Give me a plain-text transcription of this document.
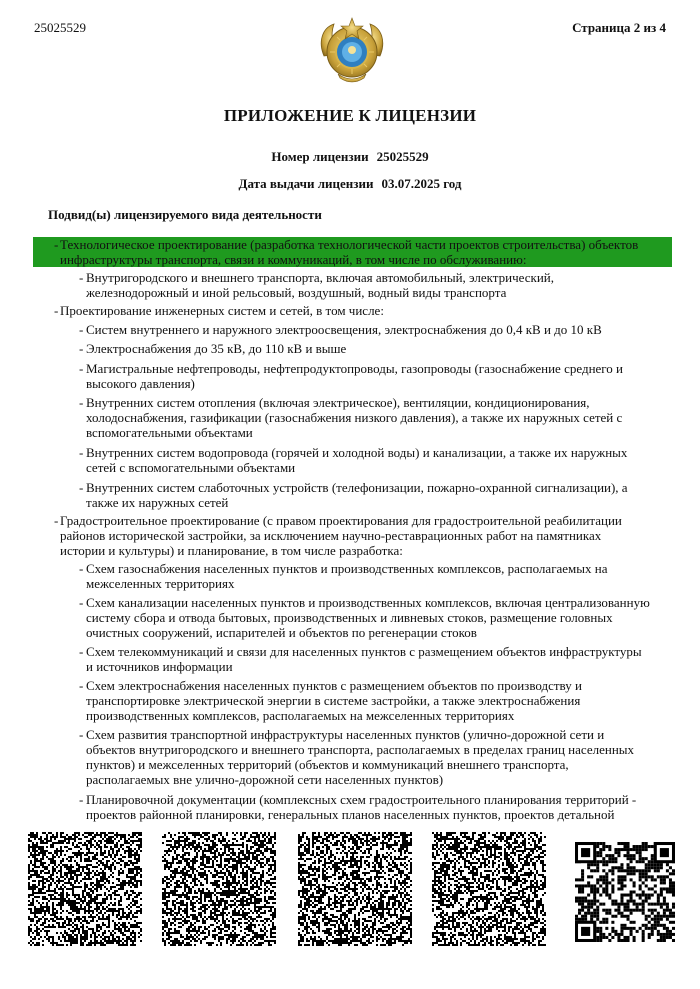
25025529	Страница 2 из 4
ПРИЛОЖЕНИЕ К ЛИЦЕНЗИИ
Номер лицензии 25025529
Дата выдачи лицензии 03.07.2025 год
Подвид(ы) лицензируемого вида деятельности
- Технологическое проектирование (разработка технологической части проектов строительства) объектов инфраструктуры транспорта, связи и коммуникаций, в том числе по обслуживанию:
- Внутригородского и внешнего транспорта, включая автомобильный, электрический, железнодорожный и иной рельсовый, воздушный, водный виды транспорта
- Проектирование инженерных систем и сетей, в том числе:
- Систем внутреннего и наружного электроосвещения, электроснабжения до 0,4 кВ и до 10 кВ
- Электроснабжения до 35 кВ, до 110 кВ и выше
- Магистральные нефтепроводы, нефтепродуктопроводы, газопроводы (газоснабжение среднего и высокого давления)
- Внутренних систем отопления (включая электрическое), вентиляции, кондиционирования, холодоснабжения, газификации (газоснабжения низкого давления), а также их наружных сетей с вспомогательными объектами
- Внутренних систем водопровода (горячей и холодной воды) и канализации, а также их наружных сетей с вспомогательными объектами
- Внутренних систем слаботочных устройств (телефонизации, пожарно-охранной сигнализации), а также их наружных сетей
- Градостроительное проектирование (с правом проектирования для градостроительной реабилитации районов исторической застройки, за исключением научно-реставрационных работ на памятниках истории и культуры) и планирование, в том числе разработка:
- Схем газоснабжения населенных пунктов и производственных комплексов, располагаемых на межселенных территориях
- Схем канализации населенных пунктов и производственных комплексов, включая централизованную систему сбора и отвода бытовых, производственных и ливневых стоков, размещение головных очистных сооружений, испарителей и объектов по регенерации стоков
- Схем телекоммуникаций и связи для населенных пунктов с размещением объектов инфраструктуры и источников информации
- Схем электроснабжения населенных пунктов с размещением объектов по производству и транспортировке электрической энергии в системе застройки, а также электроснабжения производственных комплексов, располагаемых на межселенных территориях
- Схем развития транспортной инфраструктуры населенных пунктов (улично-дорожной сети и объектов внутригородского и внешнего транспорта, располагаемых в пределах границ населенных пунктов) и межселенных территорий (объектов и коммуникаций внешнего транспорта, располагаемых вне улично-дорожной сети населенных пунктов)
- Планировочной документации (комплексных схем градостроительного планирования территорий - проектов районной планировки, генеральных планов населенных пунктов, проектов детальной
